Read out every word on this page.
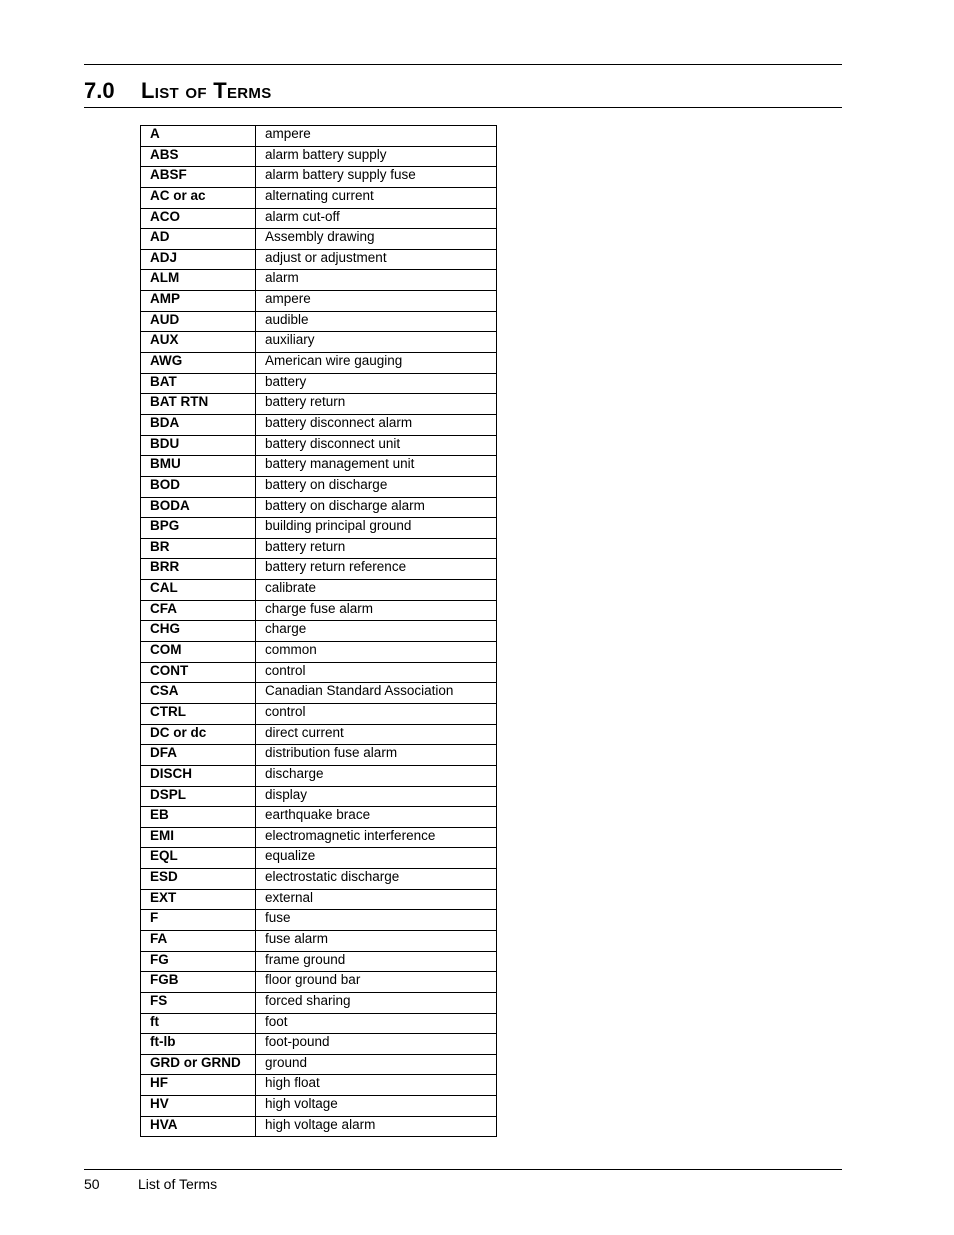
7.0 List of Terms
A	ampere
ABS	alarm battery supply
ABSF	alarm battery supply fuse
AC or ac	alternating current
ACO	alarm cut-off
AD	Assembly drawing
ADJ	adjust or adjustment
ALM	alarm
AMP	ampere
AUD	audible
AUX	auxiliary
AWG	American wire gauging
BAT	battery
BAT RTN	battery return
BDA	battery disconnect alarm
BDU	battery disconnect unit
BMU	battery management unit
BOD	battery on discharge
BODA	battery on discharge alarm
BPG	building principal ground
BR	battery return
BRR	battery return reference
CAL	calibrate
CFA	charge fuse alarm
CHG	charge
COM	common
CONT	control
CSA	Canadian Standard Association
CTRL	control
DC or dc	direct current
DFA	distribution fuse alarm
DISCH	discharge
DSPL	display
EB	earthquake brace
EMI	electromagnetic interference
EQL	equalize
ESD	electrostatic discharge
EXT	external
F	fuse
FA	fuse alarm
FG	frame ground
FGB	floor ground bar
FS	forced sharing
ft	foot
ft-lb	foot-pound
GRD or GRND	ground
HF	high float
HV	high voltage
HVA	high voltage alarm
50	List of Terms
